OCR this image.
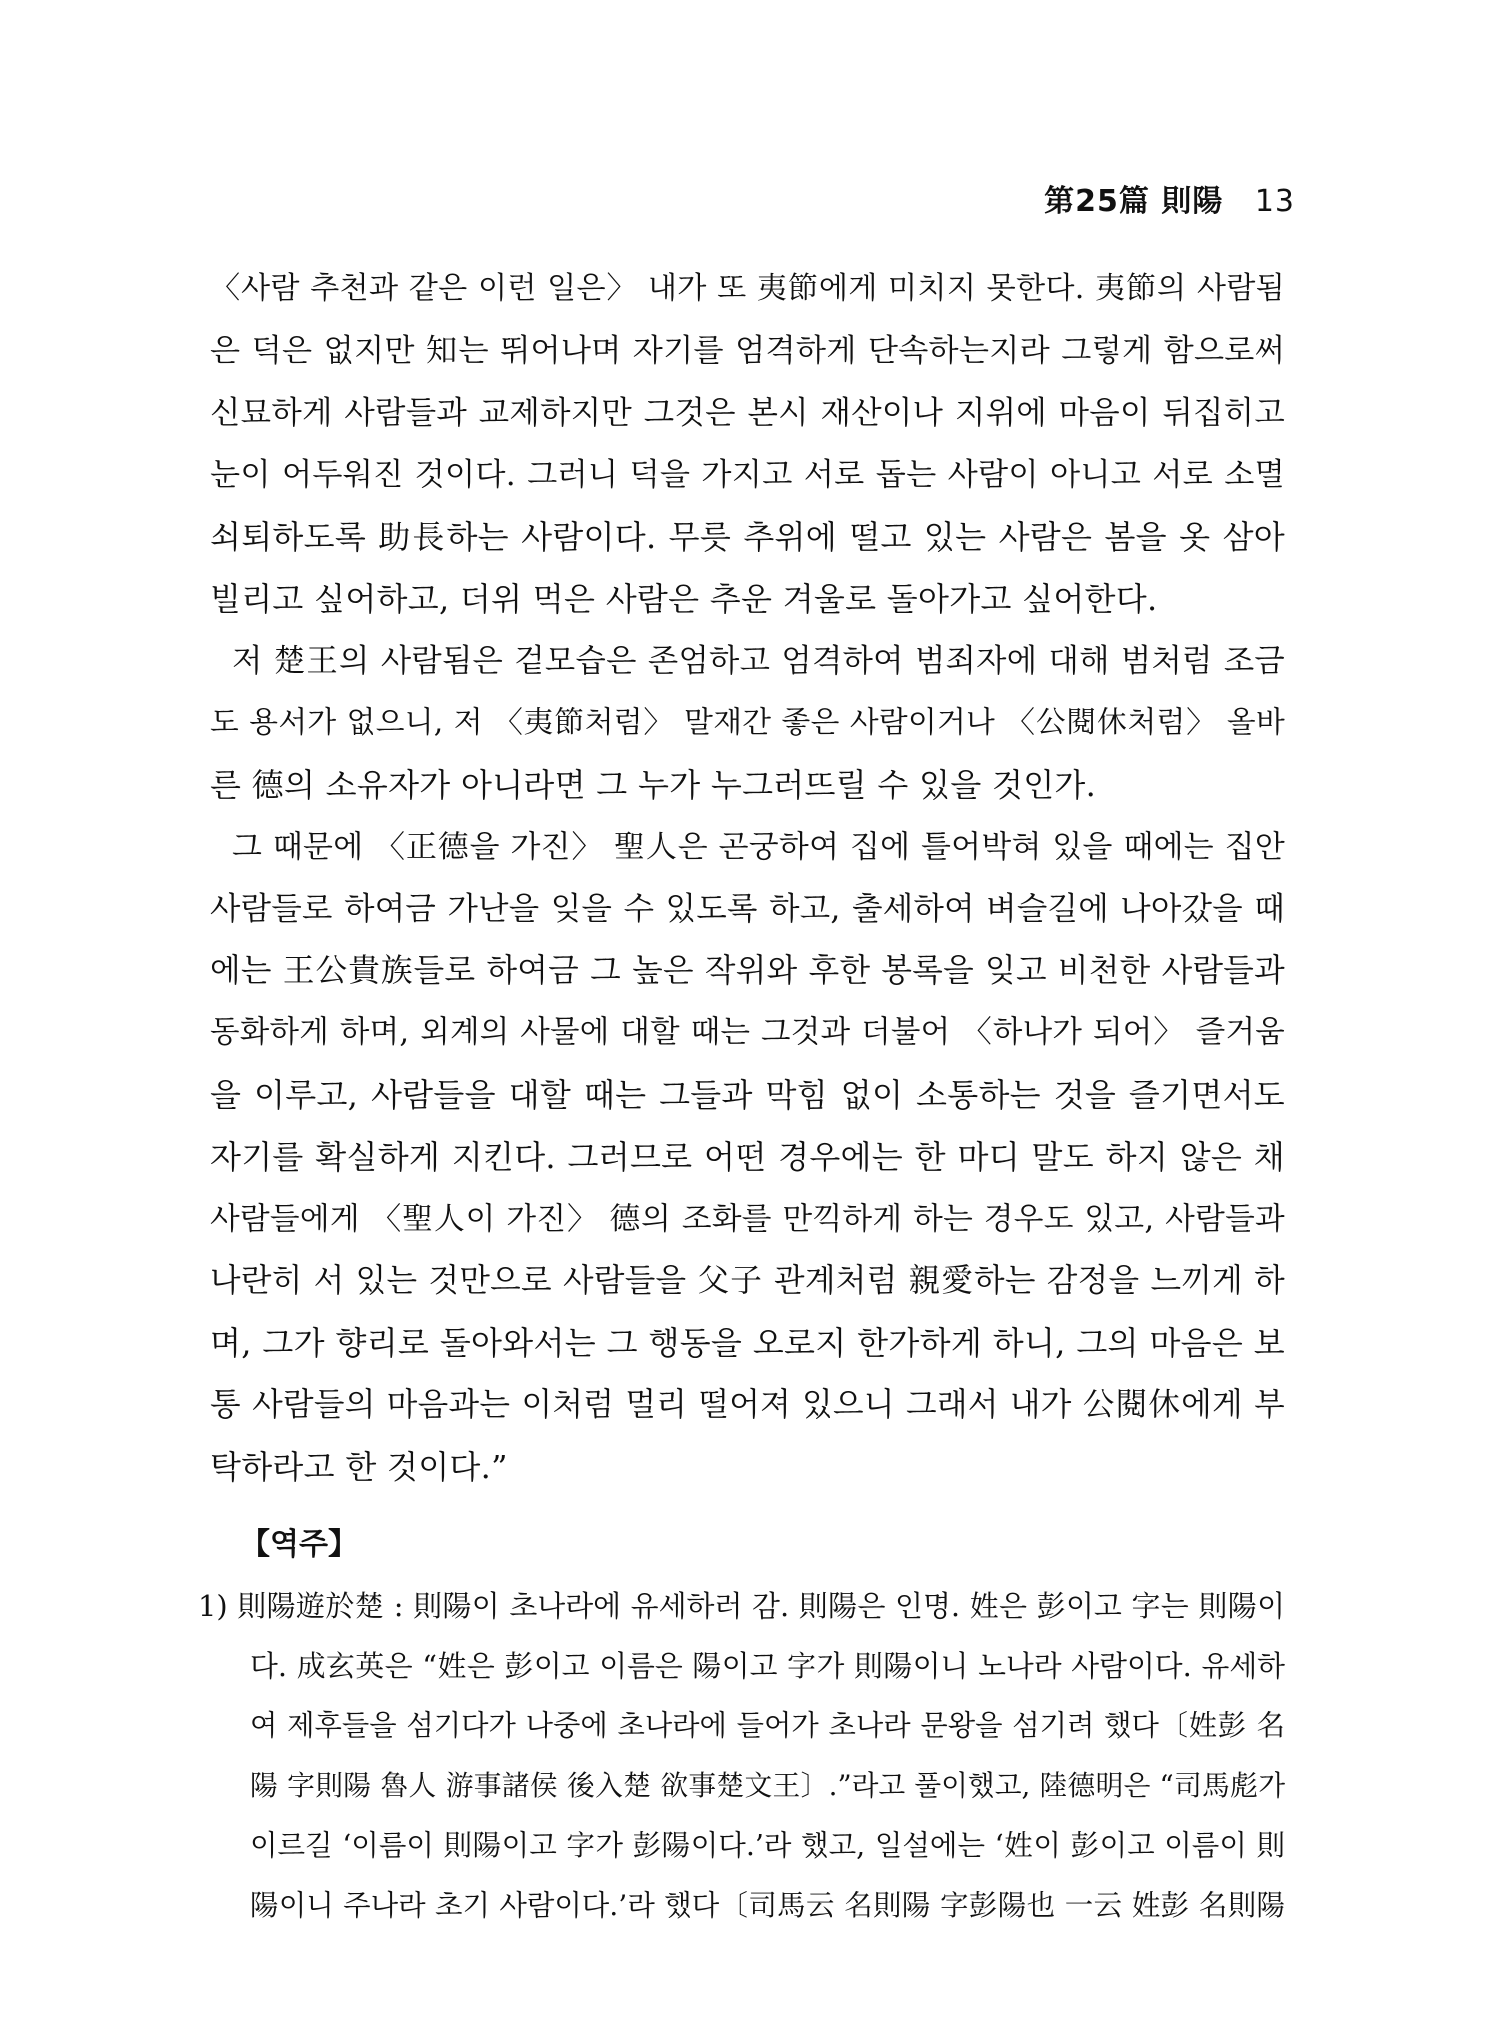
第25篇 則陽 13

〈사람 추천과 같은 이런 일은〉 내가 또 夷節에게 미치지 못한다. 夷節의 사람됨

은 덕은 없지만 知는 뛰어나며 자기를 엄격하게 단속하는지라 그렇게 함으로써

신묘하게 사람들과 교제하지만 그것은 본시 재산이나 지위에 마음이 뒤집히고

눈이 어두워진 것이다. 그러니 덕을 가지고 서로 돕는 사람이 아니고 서로 소멸

쇠퇴하도록 助長하는 사람이다. 무릇 추위에 떨고 있는 사람은 봄을 옷 삼아

빌리고 싶어하고, 더위 먹은 사람은 추운 겨울로 돌아가고 싶어한다.

저 楚王의 사람됨은 겉모습은 존엄하고 엄격하여 범죄자에 대해 범처럼 조금

도 용서가 없으니, 저 〈夷節처럼〉 말재간 좋은 사람이거나 〈公閱休처럼〉 올바

른 德의 소유자가 아니라면 그 누가 누그러뜨릴 수 있을 것인가.

그 때문에 〈正德을 가진〉 聖人은 곤궁하여 집에 틀어박혀 있을 때에는 집안

사람들로 하여금 가난을 잊을 수 있도록 하고, 출세하여 벼슬길에 나아갔을 때

에는 王公貴族들로 하여금 그 높은 작위와 후한 봉록을 잊고 비천한 사람들과

동화하게 하며, 외계의 사물에 대할 때는 그것과 더불어 〈하나가 되어〉 즐거움

을 이루고, 사람들을 대할 때는 그들과 막힘 없이 소통하는 것을 즐기면서도

자기를 확실하게 지킨다. 그러므로 어떤 경우에는 한 마디 말도 하지 않은 채

사람들에게 〈聖人이 가진〉 德의 조화를 만끽하게 하는 경우도 있고, 사람들과

나란히 서 있는 것만으로 사람들을 父子 관계처럼 親愛하는 감정을 느끼게 하

며, 그가 향리로 돌아와서는 그 행동을 오로지 한가하게 하니, 그의 마음은 보

통 사람들의 마음과는 이처럼 멀리 떨어져 있으니 그래서 내가 公閱休에게 부

탁하라고 한 것이다.”

【역주】

1) 則陽遊於楚 : 則陽이 초나라에 유세하러 감. 則陽은 인명. 姓은 彭이고 字는 則陽이

다. 成玄英은 “姓은 彭이고 이름은 陽이고 字가 則陽이니 노나라 사람이다. 유세하

여 제후들을 섬기다가 나중에 초나라에 들어가 초나라 문왕을 섬기려 했다〔姓彭 名

陽 字則陽 魯人 游事諸侯 後入楚 欲事楚文王〕.”라고 풀이했고, 陸德明은 “司馬彪가

이르길 ‘이름이 則陽이고 字가 彭陽이다.’라 했고, 일설에는 ‘姓이 彭이고 이름이 則

陽이니 주나라 초기 사람이다.’라 했다〔司馬云 名則陽 字彭陽也 一云 姓彭 名則陽
